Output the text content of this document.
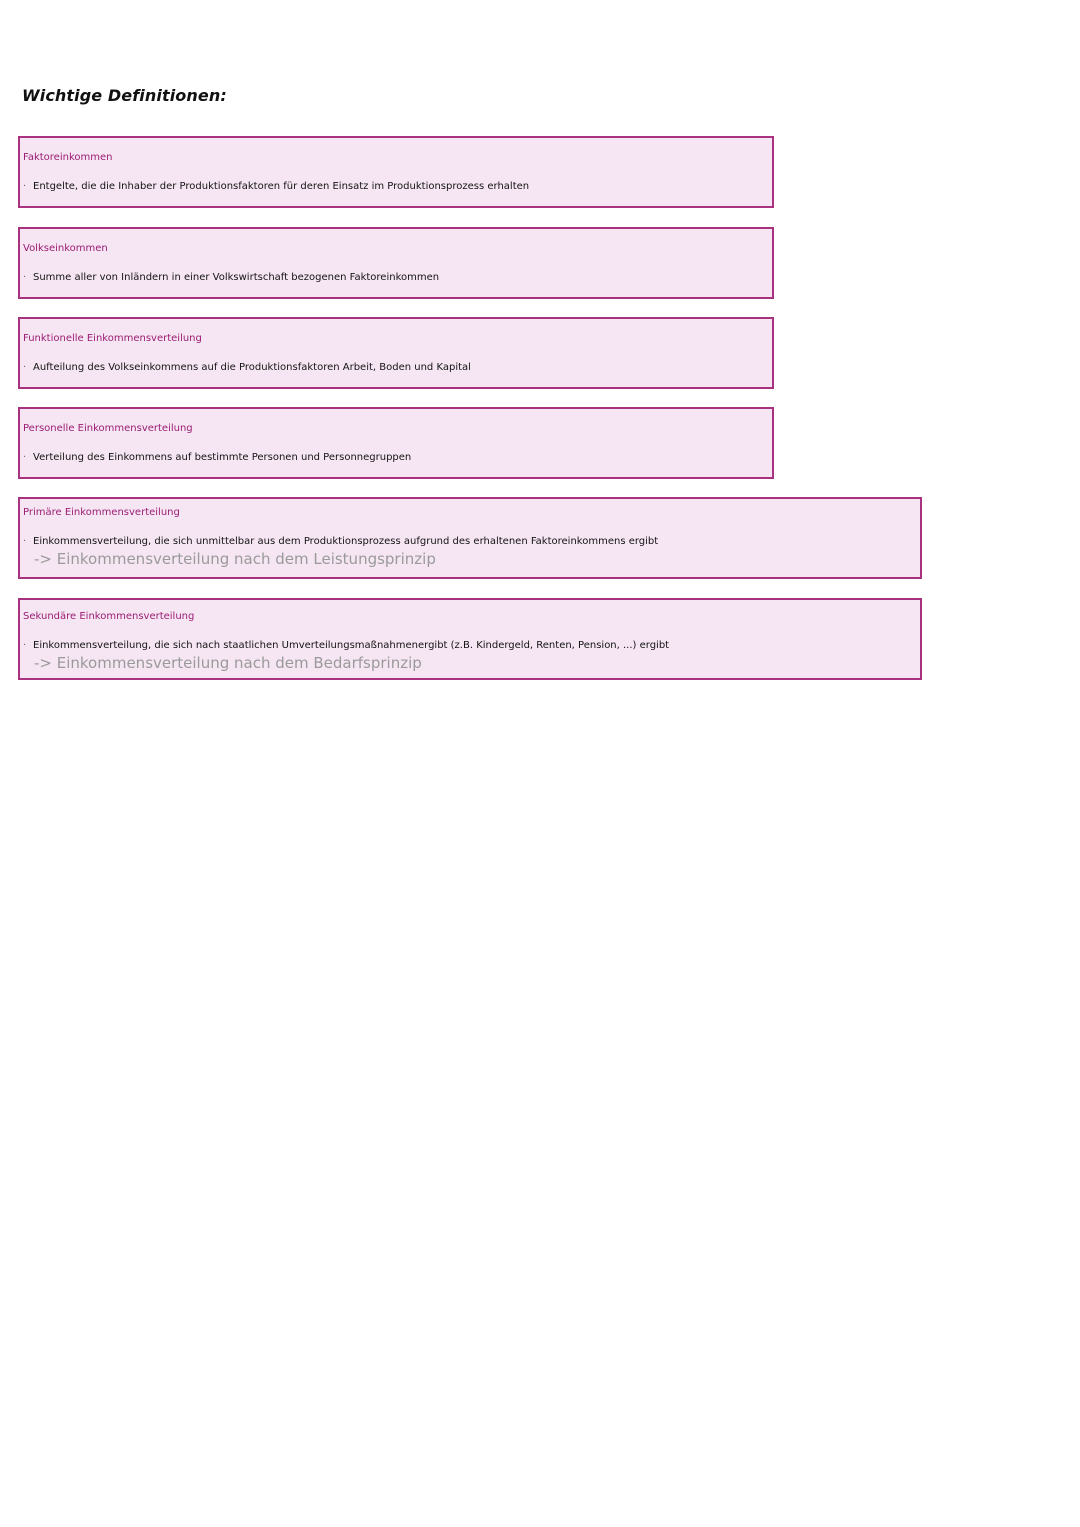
Wichtige Definitionen:
Faktoreinkommen
· Entgelte, die die Inhaber der Produktionsfaktoren für deren Einsatz im Produktionsprozess erhalten
Volkseinkommen
· Summe aller von Inländern in einer Volkswirtschaft bezogenen Faktoreinkommen
Funktionelle Einkommensverteilung
· Aufteilung des Volkseinkommens auf die Produktionsfaktoren Arbeit, Boden und Kapital
Personelle Einkommensverteilung
· Verteilung des Einkommens auf bestimmte Personen und Personnegruppen
Primäre Einkommensverteilung
· Einkommensverteilung, die sich unmittelbar aus dem Produktionsprozess aufgrund des erhaltenen Faktoreinkommens ergibt
-> Einkommensverteilung nach dem Leistungsprinzip
Sekundäre Einkommensverteilung
· Einkommensverteilung, die sich nach staatlichen Umverteilungsmaßnahmenergibt (z.B. Kindergeld, Renten, Pension, ...) ergibt
-> Einkommensverteilung nach dem Bedarfsprinzip
